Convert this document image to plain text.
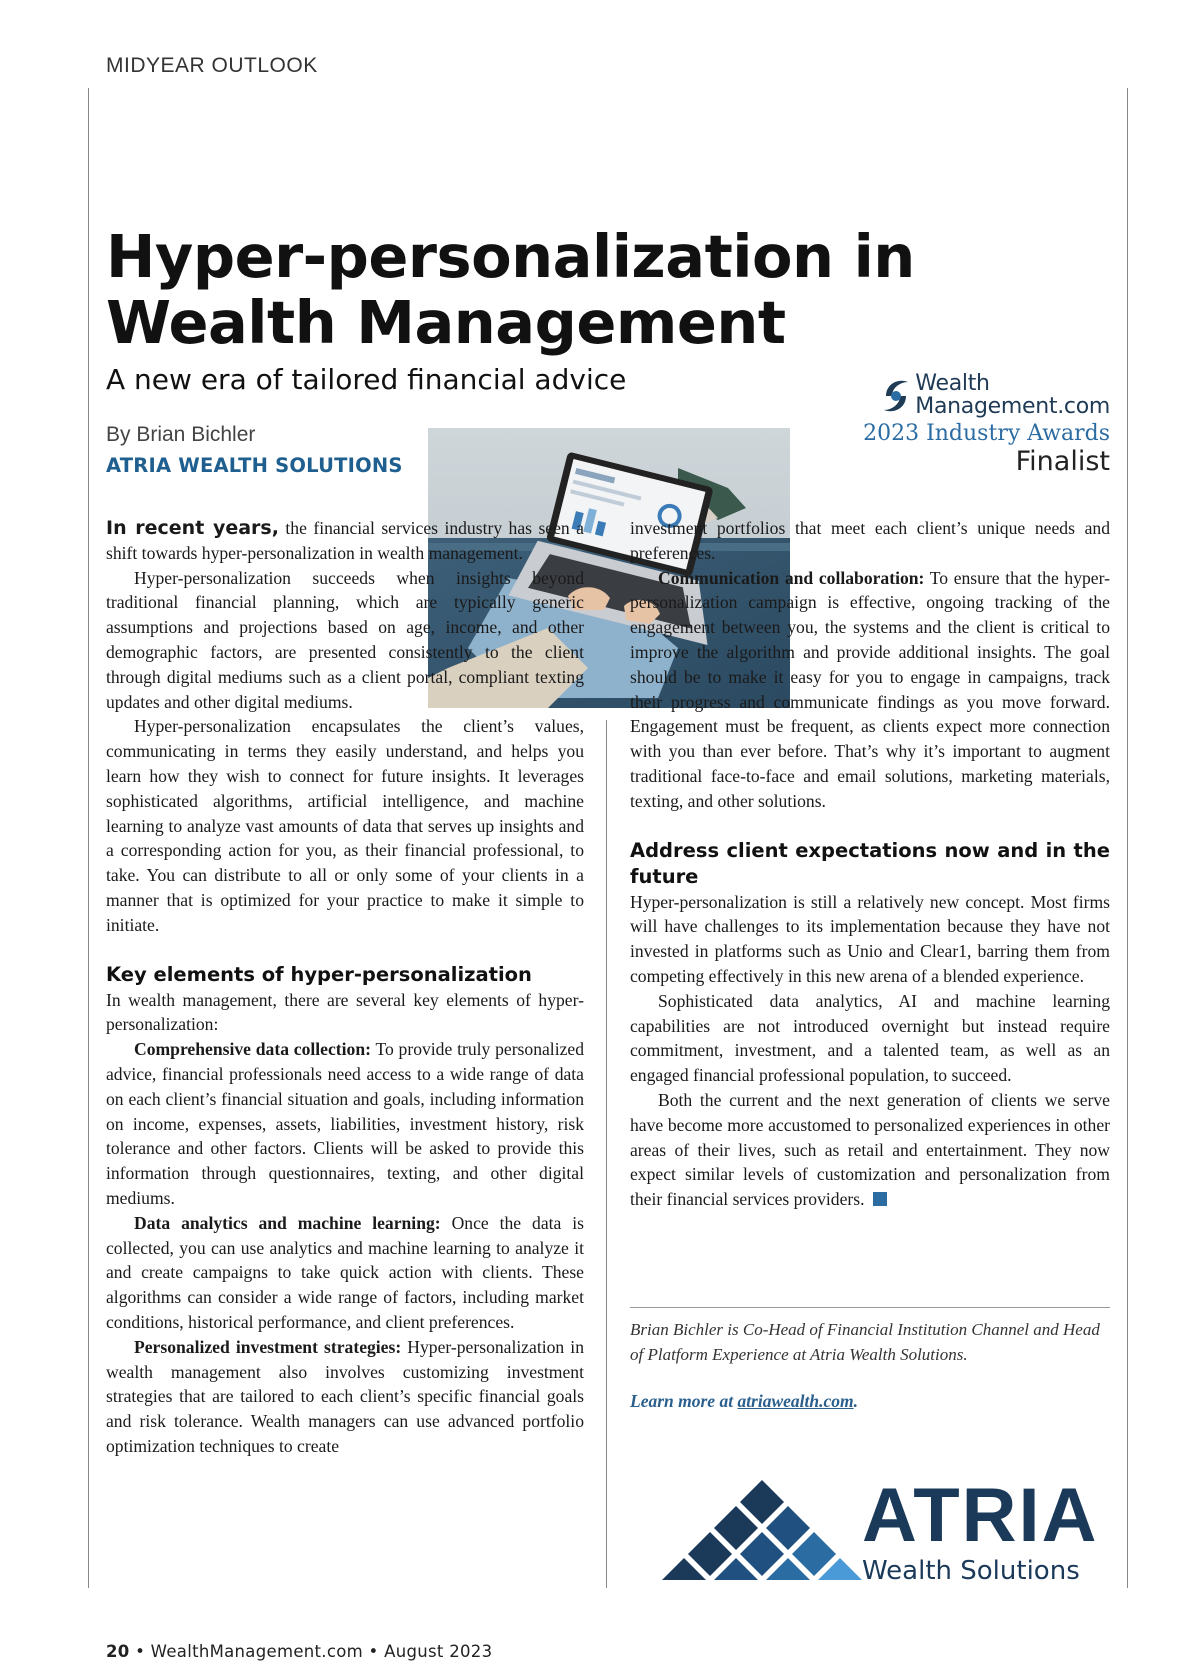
MIDYEAR OUTLOOK
Hyper-personalization in Wealth Management
A new era of tailored financial advice
By Brian Bichler
ATRIA WEALTH SOLUTIONS
Wealth
Management.com
2023 Industry Awards
Finalist

In recent years, the financial services industry has seen a shift towards hyper-personalization in wealth management.

Hyper-personalization succeeds when insights beyond traditional financial planning, which are typically generic assumptions and projections based on age, income, and other demographic factors, are presented consistently to the client through digital mediums such as a client portal, compliant texting updates and other digital mediums.

Hyper-personalization encapsulates the client’s values, communicating in terms they easily understand, and helps you learn how they wish to connect for future insights. It leverages sophisticated algorithms, artificial intelligence, and machine learning to analyze vast amounts of data that serves up insights and a corresponding action for you, as their financial professional, to take. You can distribute to all or only some of your clients in a manner that is optimized for your practice to make it simple to initiate.

Key elements of hyper-personalization

In wealth management, there are several key elements of hyper-personalization:

Comprehensive data collection: To provide truly personalized advice, financial professionals need access to a wide range of data on each client’s financial situation and goals, including information on income, expenses, assets, liabilities, investment history, risk tolerance and other factors. Clients will be asked to provide this information through questionnaires, texting, and other digital mediums.

Data analytics and machine learning: Once the data is collected, you can use analytics and machine learning to analyze it and create campaigns to take quick action with clients. These algorithms can consider a wide range of factors, including market conditions, historical performance, and client preferences.

Personalized investment strategies: Hyper-personalization in wealth management also involves customizing investment strategies that are tailored to each client’s specific financial goals and risk tolerance. Wealth managers can use advanced portfolio optimization techniques to create

investment portfolios that meet each client’s unique needs and preferences.

Communication and collaboration: To ensure that the hyper-personalization campaign is effective, ongoing tracking of the engagement between you, the systems and the client is critical to improve the algorithm and provide additional insights. The goal should be to make it easy for you to engage in campaigns, track their progress and communicate findings as you move forward. Engagement must be frequent, as clients expect more connection with you than ever before. That’s why it’s important to augment traditional face-to-face and email solutions, marketing materials, texting, and other solutions.

Address client expectations now and in the future

Hyper-personalization is still a relatively new concept. Most firms will have challenges to its implementation because they have not invested in platforms such as Unio and Clear1, barring them from competing effectively in this new arena of a blended experience.

Sophisticated data analytics, AI and machine learning capabilities are not introduced overnight but instead require commitment, investment, and a talented team, as well as an engaged financial professional population, to succeed.

Both the current and the next generation of clients we serve have become more accustomed to personalized experiences in other areas of their lives, such as retail and entertainment. They now expect similar levels of customization and personalization from their financial services providers.

Brian Bichler is Co-Head of Financial Institution Channel and Head of Platform Experience at Atria Wealth Solutions.
Learn more at atriawealth.com.
ATRIA
Wealth Solutions
20 • WealthManagement.com • August 2023
